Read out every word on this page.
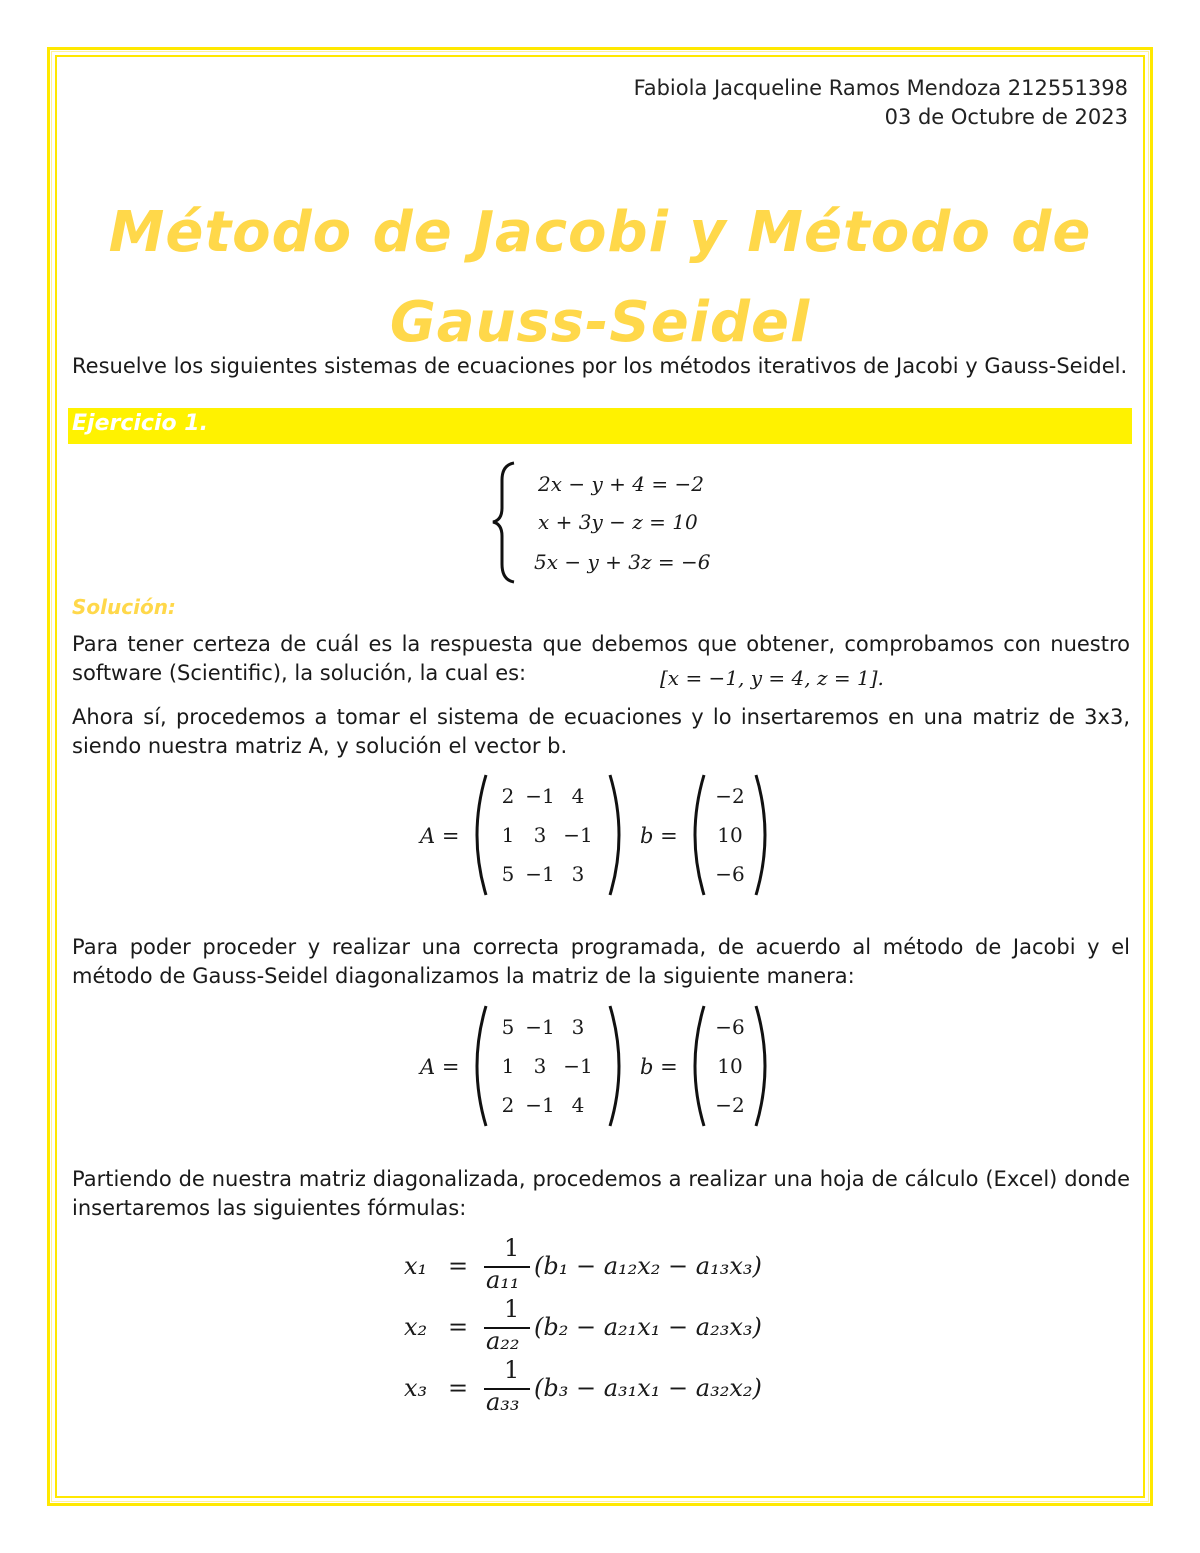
Fabiola Jacqueline Ramos Mendoza 212551398
03 de Octubre de 2023
Método de Jacobi y Método de
Gauss-Seidel
Resuelve los siguientes sistemas de ecuaciones por los métodos iterativos de Jacobi y Gauss-Seidel.
Ejercicio 1.
2x − y + 4 = −2
x + 3y − z = 10
5x − y + 3z = −6
Solución:
Para tener certeza de cuál es la respuesta que debemos que obtener, comprobamos con nuestro software (Scientific), la solución, la cual es:	[x = −1, y = 4, z = 1].
Ahora sí, procedemos a tomar el sistema de ecuaciones y lo insertaremos en una matriz de 3x3, siendo nuestra matriz A, y solución el vector b.
A =
2 −1 4
1 3 −1
5 −1 3
b =
−2
10
−6
Para poder proceder y realizar una correcta programada, de acuerdo al método de Jacobi y el método de Gauss-Seidel diagonalizamos la matriz de la siguiente manera:
A =
5 −1 3
1 3 −1
2 −1 4
b =
−6
10
−2
Partiendo de nuestra matriz diagonalizada, procedemos a realizar una hoja de cálculo (Excel) donde insertaremos las siguientes fórmulas:
x₁ =
1
a₁₁ (b₁ − a₁₂x₂ − a₁₃x₃)
x₂ =
1
a₂₂ (b₂ − a₂₁x₁ − a₂₃x₃)
x₃ =
1
a₃₃ (b₃ − a₃₁x₁ − a₃₂x₂)
